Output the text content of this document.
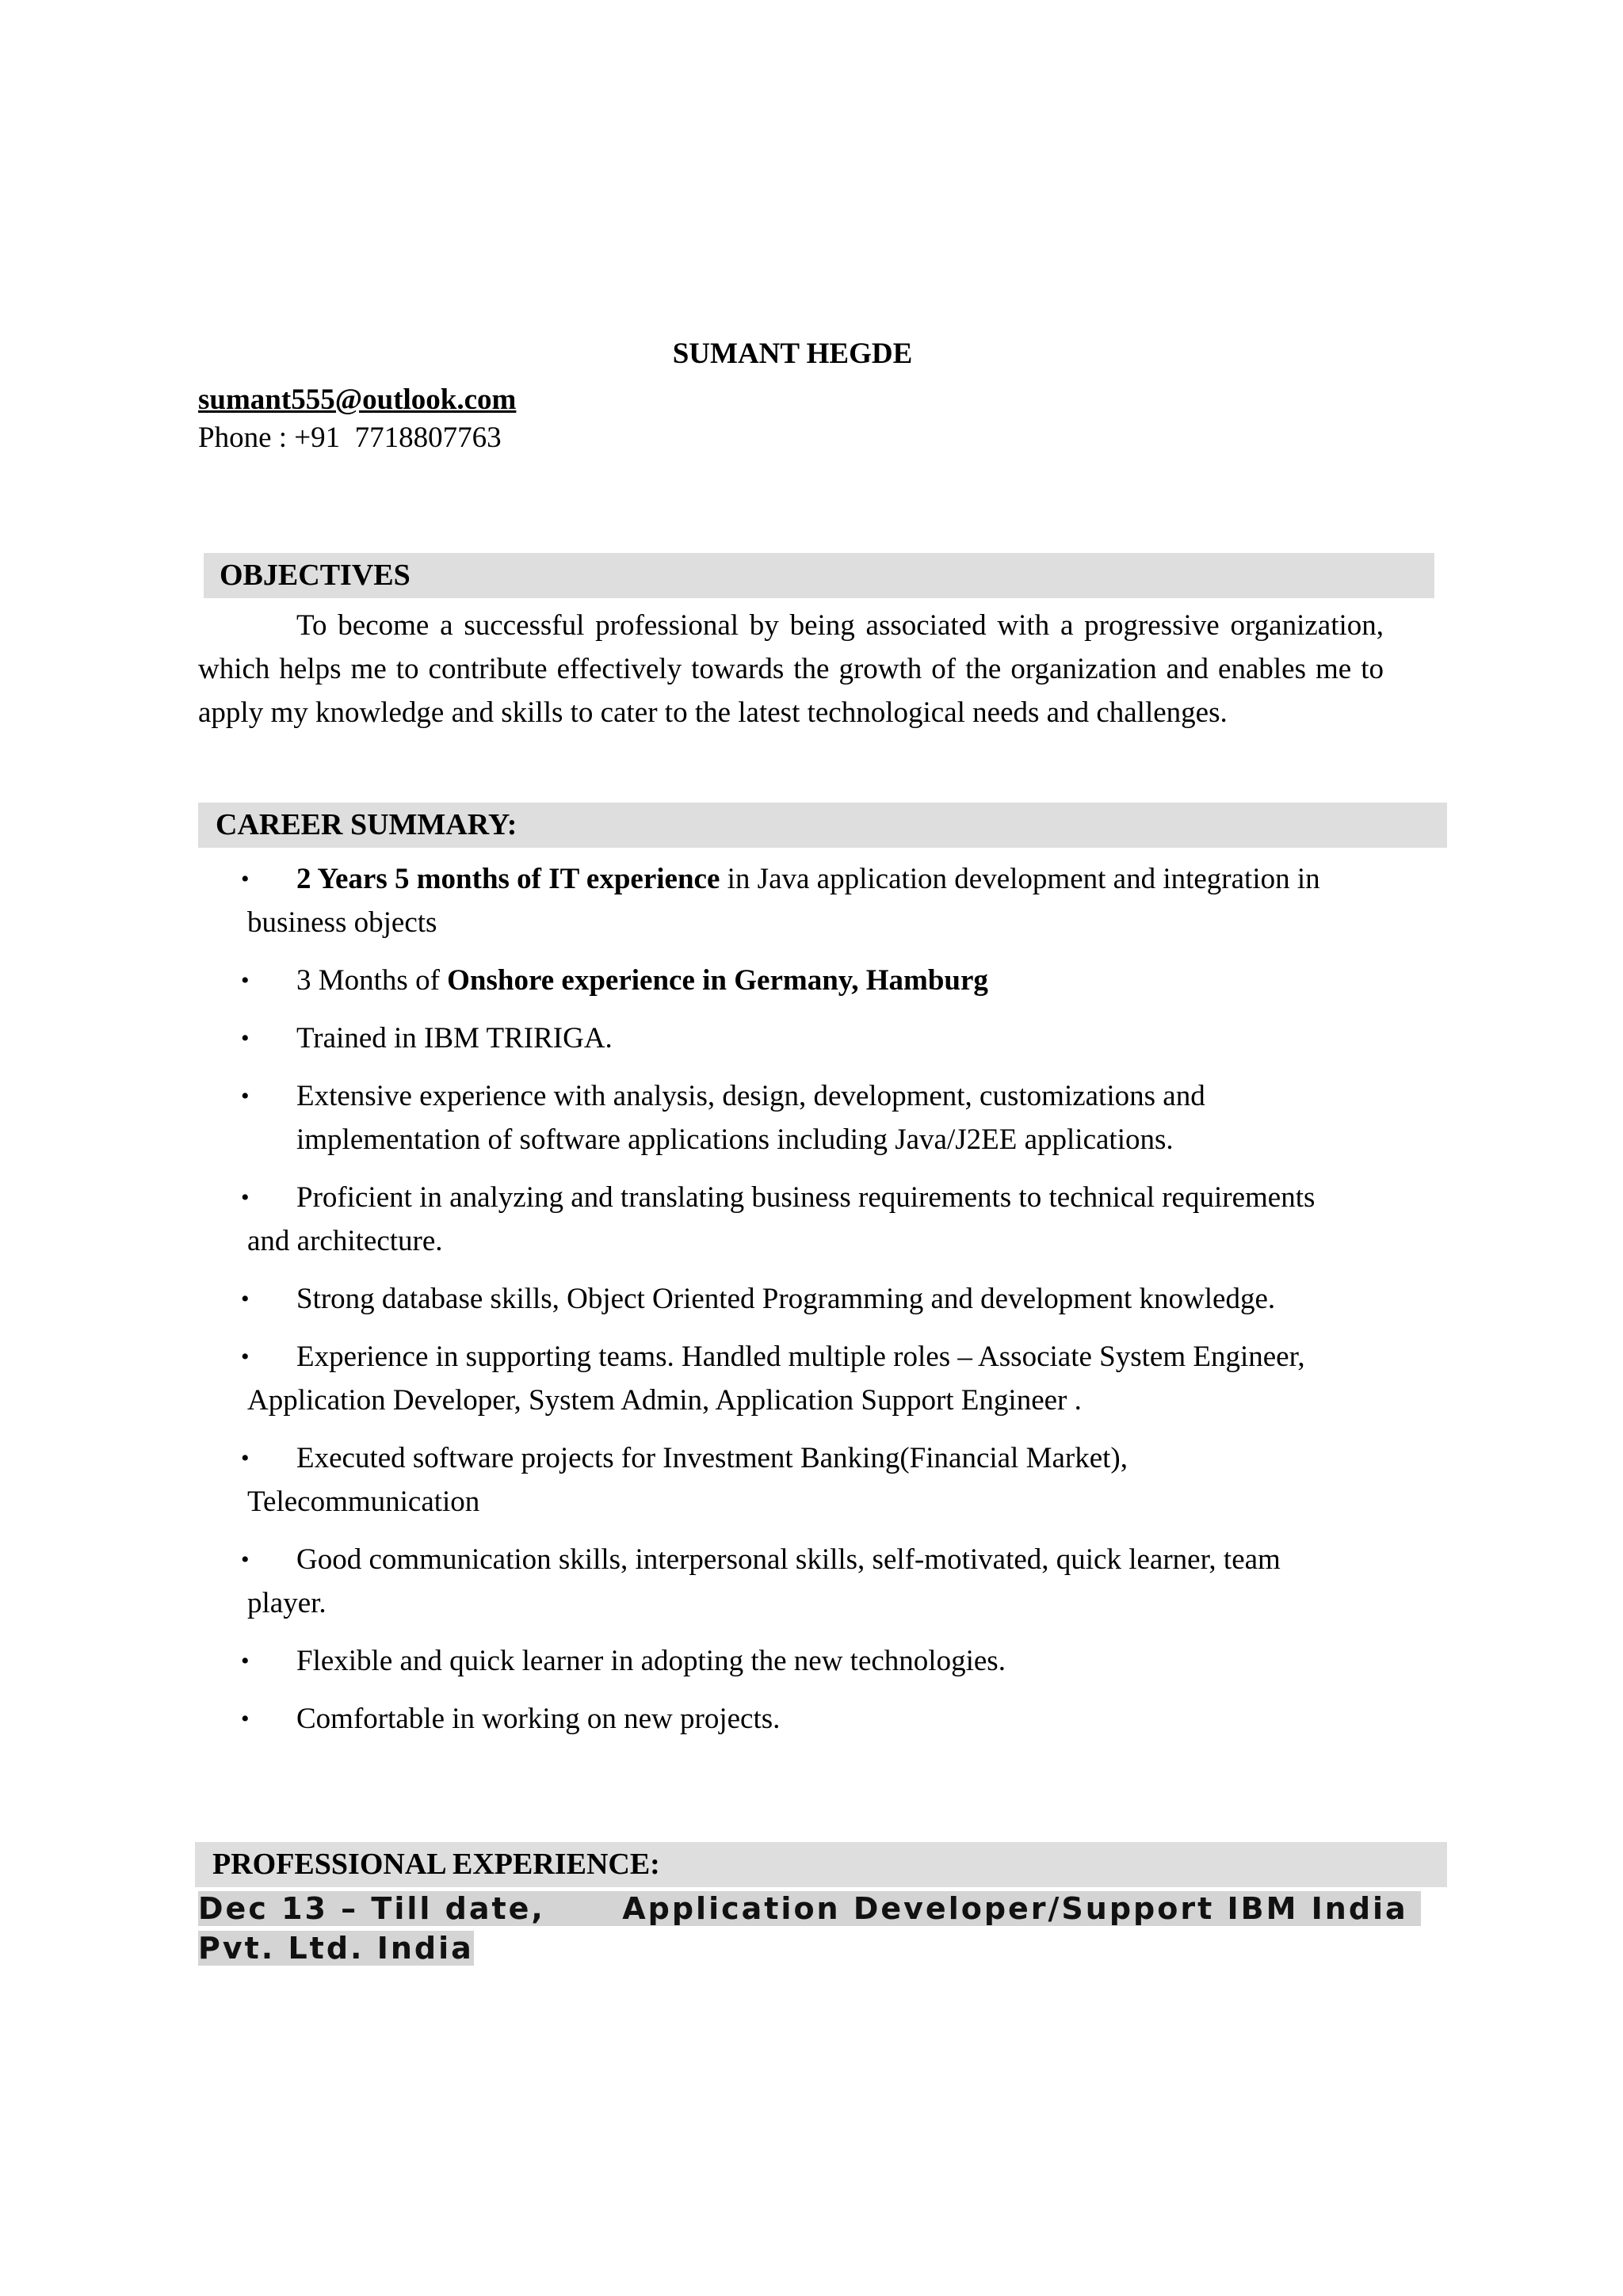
SUMANT HEGDE
sumant555@outlook.com
Phone : +91  7718807763
OBJECTIVES
To become a successful professional by being associated with a progressive organization, which helps me to contribute effectively towards the growth of the organization and enables me to apply my knowledge and skills to cater to the latest technological needs and challenges.
CAREER SUMMARY:
• 2 Years 5 months of IT experience in Java application development and integration in business objects
• 3 Months of Onshore experience in Germany, Hamburg
• Trained in IBM TRIRIGA.
• Extensive experience with analysis, design, development, customizations and implementation of software applications including Java/J2EE applications.
• Proficient in analyzing and translating business requirements to technical requirements        and architecture.
• Strong database skills, Object Oriented Programming and development knowledge.
• Experience in supporting teams. Handled multiple roles – Associate System Engineer, Application Developer, System Admin, Application Support Engineer .
• Executed software projects for Investment Banking(Financial Market), Telecommunication
• Good communication skills, interpersonal skills, self-motivated, quick learner, team player.
• Flexible and quick learner in adopting the new technologies.
• Comfortable in working on new projects.
PROFESSIONAL EXPERIENCE:
Dec 13 – Till date,      Application Developer/Support IBM India
Pvt. Ltd. India
